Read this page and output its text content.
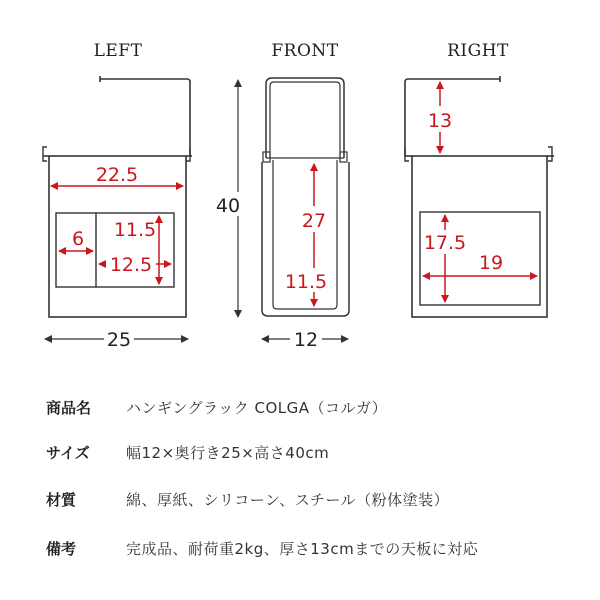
LEFT
22.5
6 11.5
12.5
25
FRONT
40
27
11.5
12
RIGHT
13
17.5
19
商品名 ハンギングラック COLGA（コルガ）
サイズ 幅12×奥行き25×高さ40cm
材質	綿、厚紙、シリコーン、スチール（粉体塗装）
備考	完成品、耐荷重2kg、厚さ13cmまでの天板に対応
